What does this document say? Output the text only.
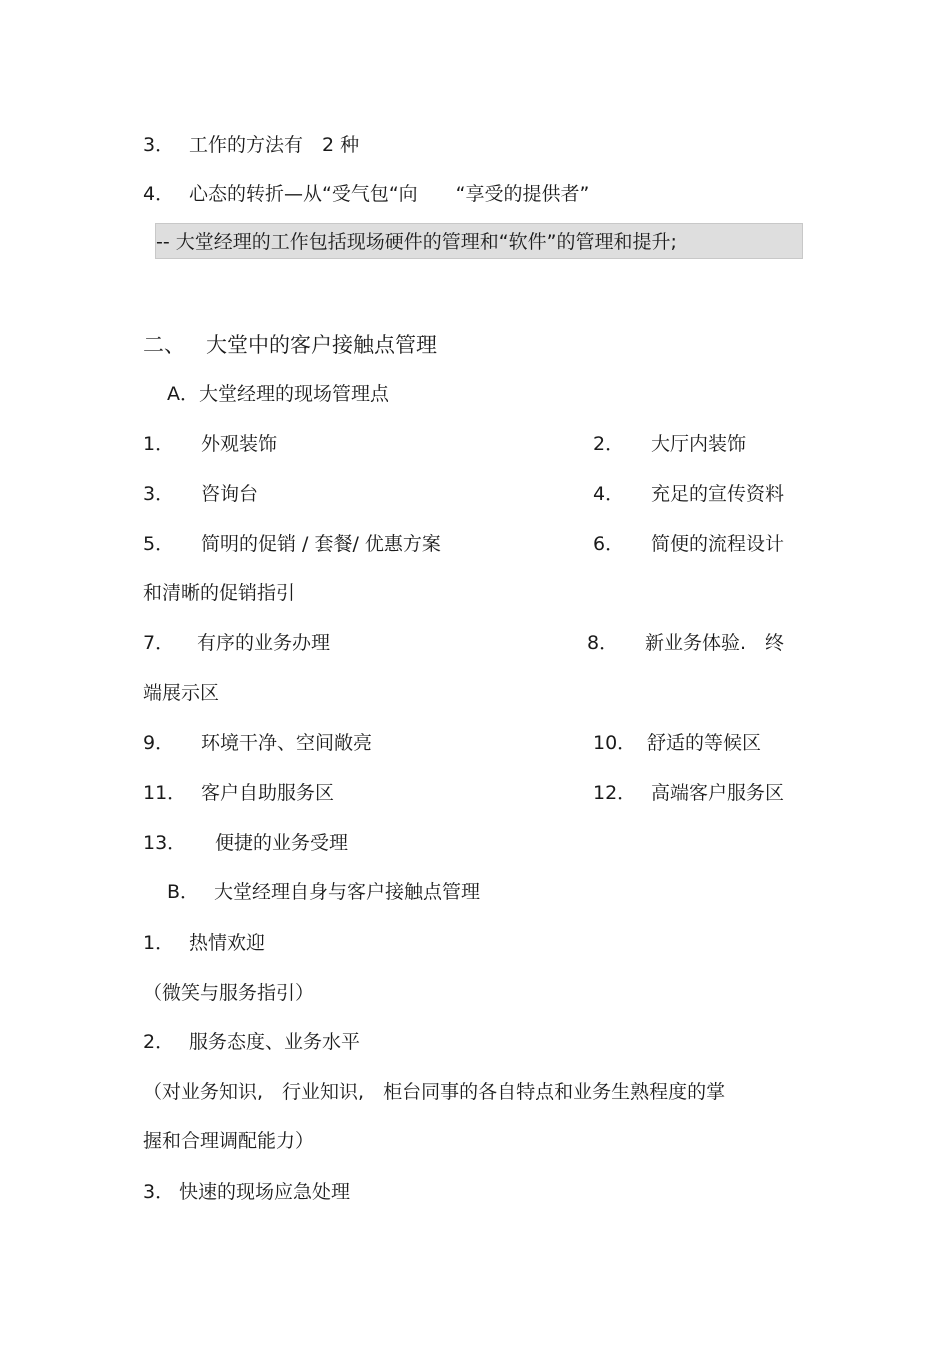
3． 工作的方法有　2 种
4． 心态的转折—从“受气包“向　　“享受的提供者”
-- 大堂经理的工作包括现场硬件的管理和“软件”的管理和提升;
二、 大堂中的客户接触点管理
A．大堂经理的现场管理点
1． 外观装饰	2． 大厅内装饰
3． 咨询台	4． 充足的宣传资料
5． 简明的促销 / 套餐/ 优惠方案	6． 简便的流程设计
和清晰的促销指引
7． 有序的业务办理	8． 新业务体验.　终
端展示区
9． 环境干净、空间敞亮	10． 舒适的等候区
11． 客户自助服务区	12． 高端客户服务区
13． 便捷的业务受理
B． 大堂经理自身与客户接触点管理
1． 热情欢迎
（微笑与服务指引）
2． 服务态度、业务水平
（对业务知识,　行业知识,　柜台同事的各自特点和业务生熟程度的掌
握和合理调配能力）
3． 快速的现场应急处理
